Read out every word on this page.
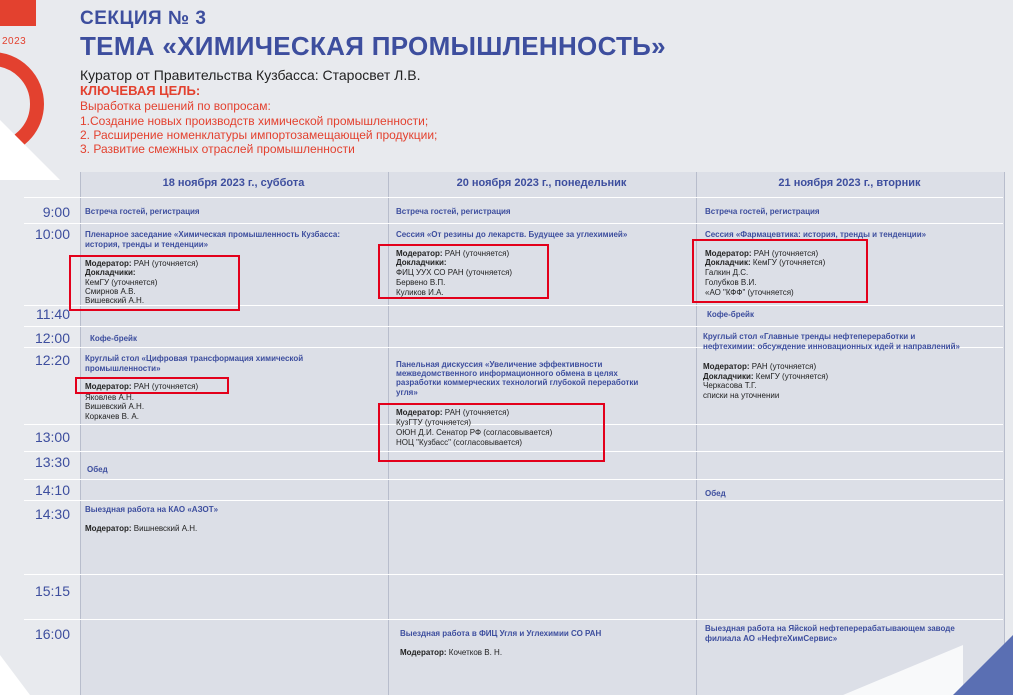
2023
СЕКЦИЯ № 3
ТЕМА «ХИМИЧЕСКАЯ ПРОМЫШЛЕННОСТЬ»
Куратор от Правительства Кузбасса: Старосвет Л.В.
КЛЮЧЕВАЯ ЦЕЛЬ:
Выработка решений по вопросам:
1.Создание новых производств химической промышленности;
2. Расширение номенклатуры импортозамещающей продукции;
3. Развитие смежных отраслей промышленности
18 ноября 2023 г., суббота	20 ноября 2023 г., понедельник	21 ноября 2023 г., вторник
9:00
10:00
11:40
12:00
12:20
13:00
13:30
14:10
14:30
15:15
16:00
Встреча гостей, регистрация
Пленарное заседание «Химическая промышленность Кузбасса:
история, тренды и тенденции»
Модератор: РАН (уточняется)
Докладчики:
КемГУ (уточняется)
Смирнов А.В.
Вишевский А.Н.
Кофе-брейк
Круглый стол «Цифровая трансформация химической
промышленности»
Модератор: РАН (уточняется)
Яковлев А.Н.
Вишевский А.Н.
Коркачев В. А.
Обед
Выездная работа на КАО «АЗОТ»
Модератор: Вишневский А.Н.
Встреча гостей, регистрация
Сессия «От резины до лекарств. Будущее за углехимией»
Модератор: РАН (уточняется)
Докладчики:
ФИЦ УУХ СО РАН (уточняется)
Бервено В.П.
Куликов И.А.
Панельная дискуссия «Увеличение эффективности
межведомственного информационного обмена в целях
разработки коммерческих технологий глубокой переработки
угля»
Модератор: РАН (уточняется)
КузГТУ (уточняется)
ОЮН Д.И. Сенатор РФ (согласовывается)
НОЦ "Кузбасс" (согласовывается)
Выездная работа в ФИЦ Угля и Углехимии СО РАН
Модератор: Кочетков В. Н.
Встреча гостей, регистрация
Сессия «Фармацевтика: история, тренды и тенденции»
Модератор: РАН (уточняется)
Докладчик: КемГУ (уточняется)
Галкин Д.С.
Голубков В.И.
«АО "КФФ" (уточняется)
Кофе-брейк
Круглый стол «Главные тренды нефтепереработки и
нефтехимии: обсуждение инновационных идей и направлений»
Модератор: РАН (уточняется)
Докладчики: КемГУ (уточняется)
Черкасова Т.Г.
списки на уточнении
Обед
Выездная работа на Яйской нефтеперерабатывающем заводе
филиала АО «НефтеХимСервис»
